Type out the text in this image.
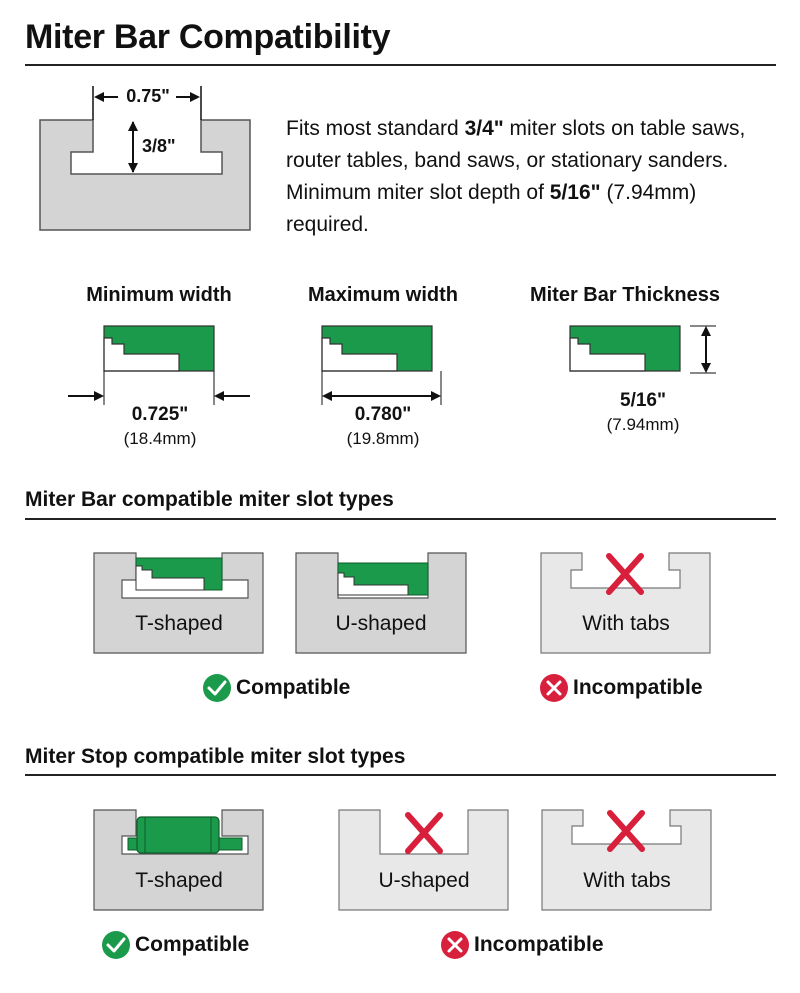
Miter Bar Compatibility
0.75"
3/8"
Fits most standard 3/4" miter slots on table saws, router tables, band saws, or stationary sanders. Minimum miter slot depth of 5/16" (7.94mm) required.
Minimum width	Maximum width	Miter Bar Thickness
0.725"
(18.4mm)
0.780"
(19.8mm)
5/16"
(7.94mm)
Miter Bar compatible miter slot types
T-shaped	U-shaped	With tabs
Compatible	Incompatible
Miter Stop compatible miter slot types
T-shaped	U-shaped	With tabs
Compatible	Incompatible
